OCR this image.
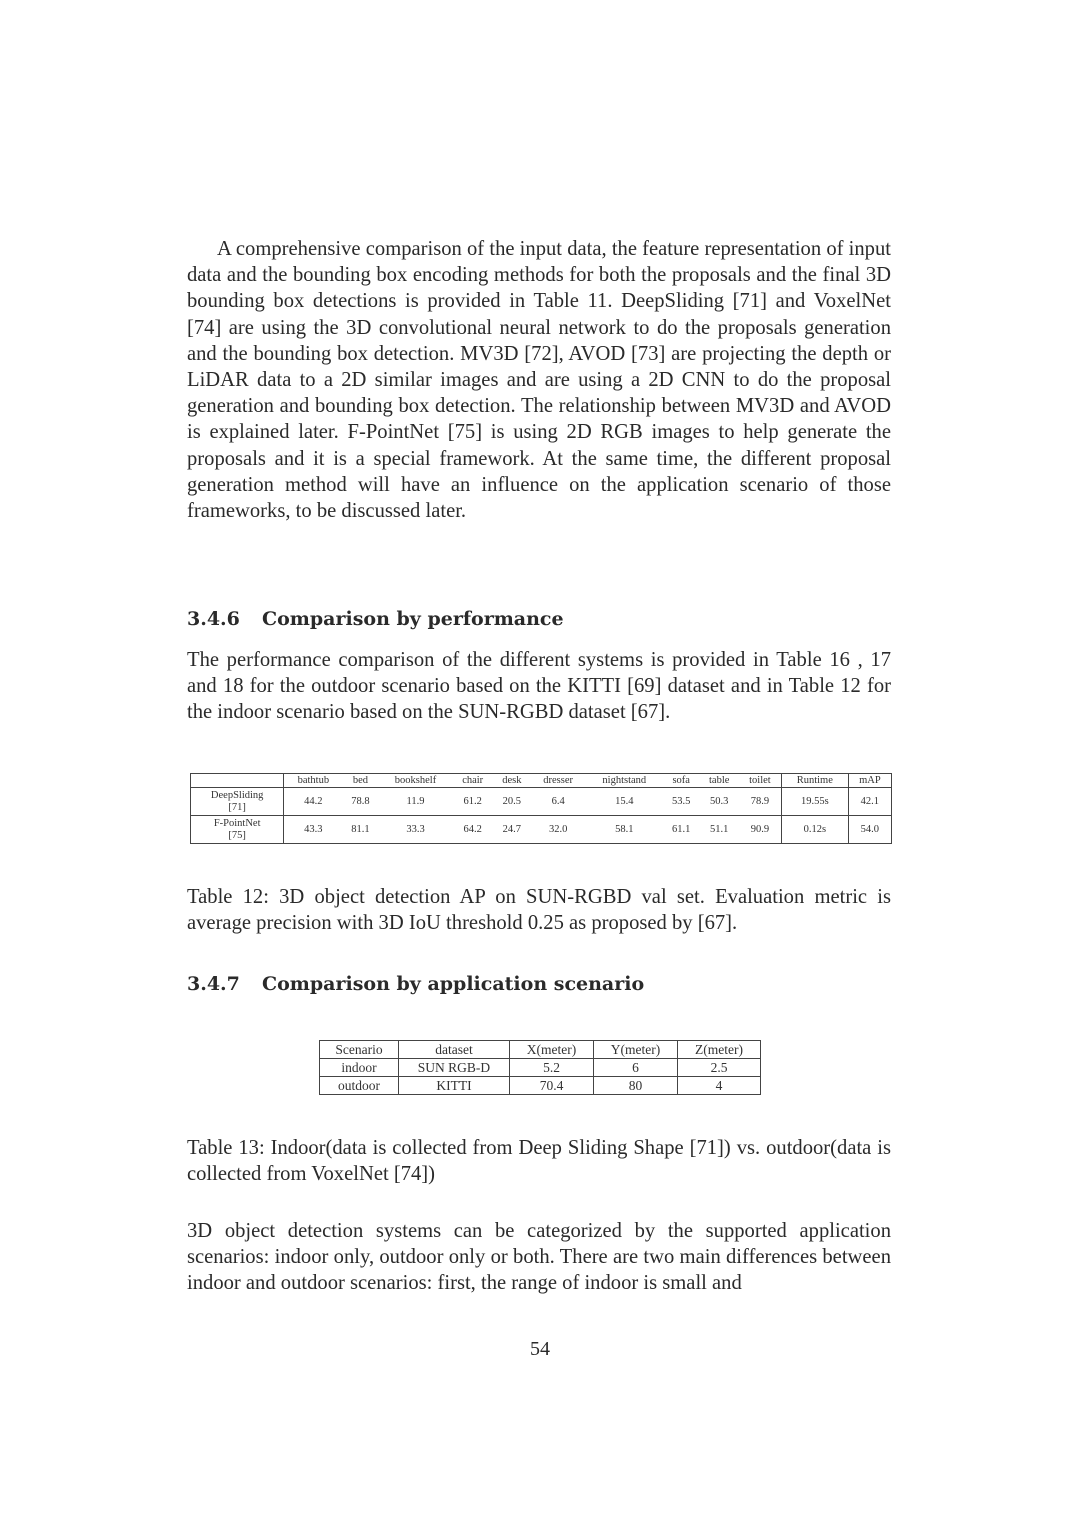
A comprehensive comparison of the input data, the feature representation of input data and the bounding box encoding methods for both the proposals and the final 3D bounding box detections is provided in Table 11. DeepSliding [71] and VoxelNet [74] are using the 3D convolutional neural network to do the proposals generation and the bounding box detection. MV3D [72], AVOD [73] are projecting the depth or LiDAR data to a 2D similar images and are using a 2D CNN to do the proposal generation and bounding box detection. The relationship between MV3D and AVOD is explained later. F-PointNet [75] is using 2D RGB images to help generate the proposals and it is a special framework. At the same time, the different proposal generation method will have an influence on the application scenario of those frameworks, to be discussed later.

3.4.6 Comparison by performance

The performance comparison of the different systems is provided in Table 16 , 17 and 18 for the outdoor scenario based on the KITTI [69] dataset and in Table 12 for the indoor scenario based on the SUN-RGBD dataset [67].

	bathtub	bed	bookshelf	chair	desk	dresser	nightstand	sofa	table	toilet	Runtime	mAP
DeepSliding
[71]	44.2	78.8	11.9	61.2	20.5	6.4	15.4	53.5	50.3	78.9	19.55s	42.1
F-PointNet
[75]	43.3	81.1	33.3	64.2	24.7	32.0	58.1	61.1	51.1	90.9	0.12s	54.0

Table 12: 3D object detection AP on SUN-RGBD val set. Evaluation metric is average precision with 3D IoU threshold 0.25 as proposed by [67].

3.4.7 Comparison by application scenario
Scenario	dataset	X(meter)	Y(meter)	Z(meter)
indoor	SUN RGB-D	5.2	6	2.5
outdoor	KITTI	70.4	80	4

Table 13: Indoor(data is collected from Deep Sliding Shape [71]) vs. outdoor(data is collected from VoxelNet [74])

3D object detection systems can be categorized by the supported application scenarios: indoor only, outdoor only or both. There are two main differences between indoor and outdoor scenarios: first, the range of indoor is small and

54
